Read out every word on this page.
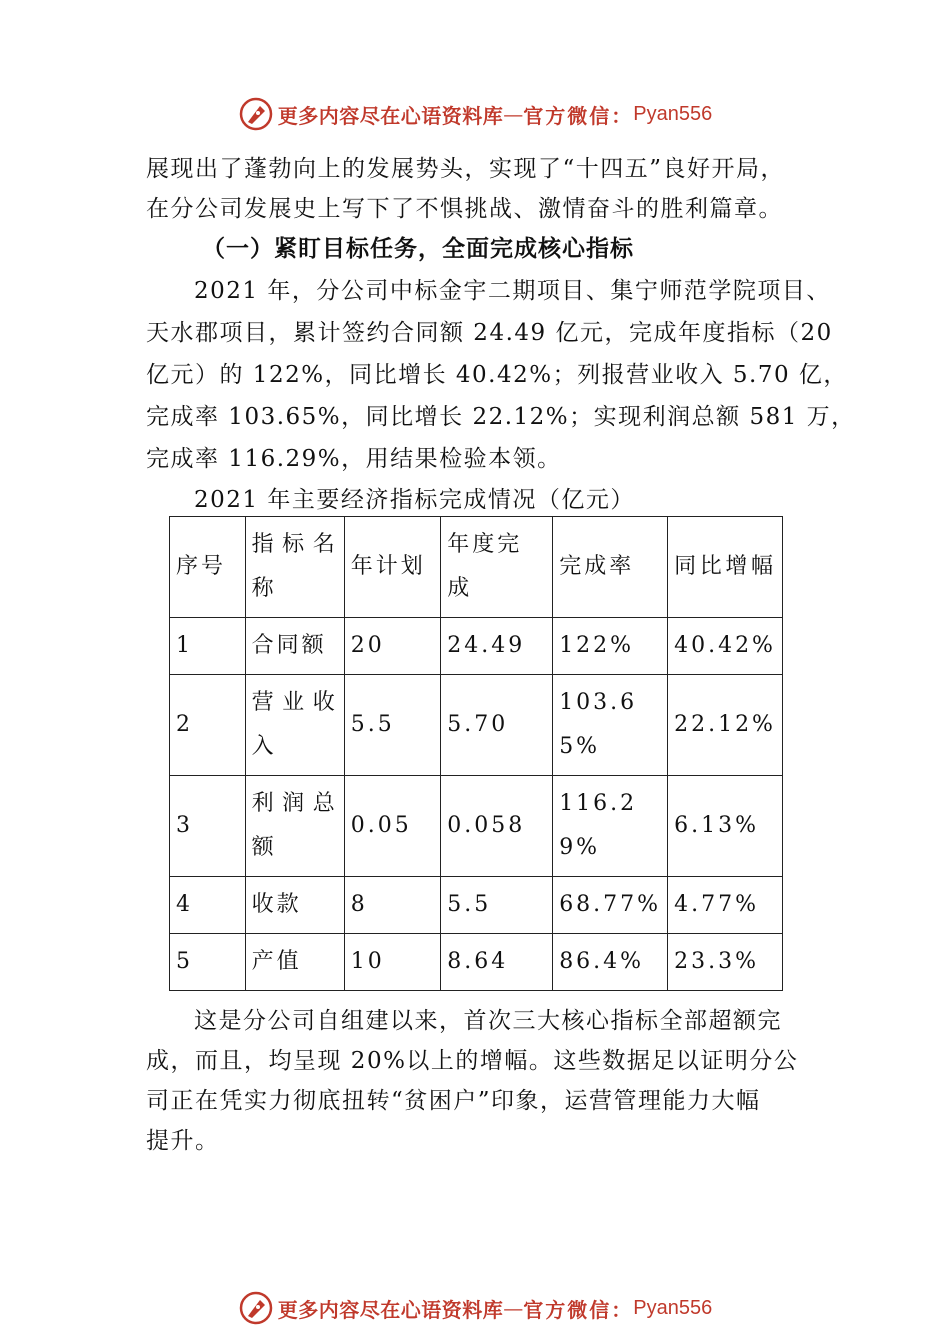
更多内容尽在心语资料库 — 官方微信： Pyan556
展现出了蓬勃向上的发展势头，实现了“十四五”良好开局，
在分公司发展史上写下了不惧挑战、激情奋斗的胜利篇章。
（一）紧盯目标任务，全面完成核心指标
2021 年，分公司中标金宇二期项目、集宁师范学院项目、
天水郡项目，累计签约合同额 24.49 亿元，完成年度指标（20
亿元）的 122%，同比增长 40.42%；列报营业收入 5.70 亿，
完成率 103.65%，同比增长 22.12%；实现利润总额 581 万，
完成率 116.29%，用结果检验本领。
2021 年主要经济指标完成情况（亿元）
序号	指标名称	年计划	年度完成	完成率	同比增幅
1	合同额	20	24.49	122%	40.42%
2	营业收入	5.5	5.70	103.65%	22.12%
3	利润总额	0.05	0.058	116.29%	6.13%
4	收款	8	5.5	68.77%	4.77%
5	产值	10	8.64	86.4%	23.3%
这是分公司自组建以来，首次三大核心指标全部超额完
成，而且，均呈现 20%以上的增幅。这些数据足以证明分公
司正在凭实力彻底扭转“贫困户”印象，运营管理能力大幅
提升。
更多内容尽在心语资料库 — 官方微信： Pyan556
